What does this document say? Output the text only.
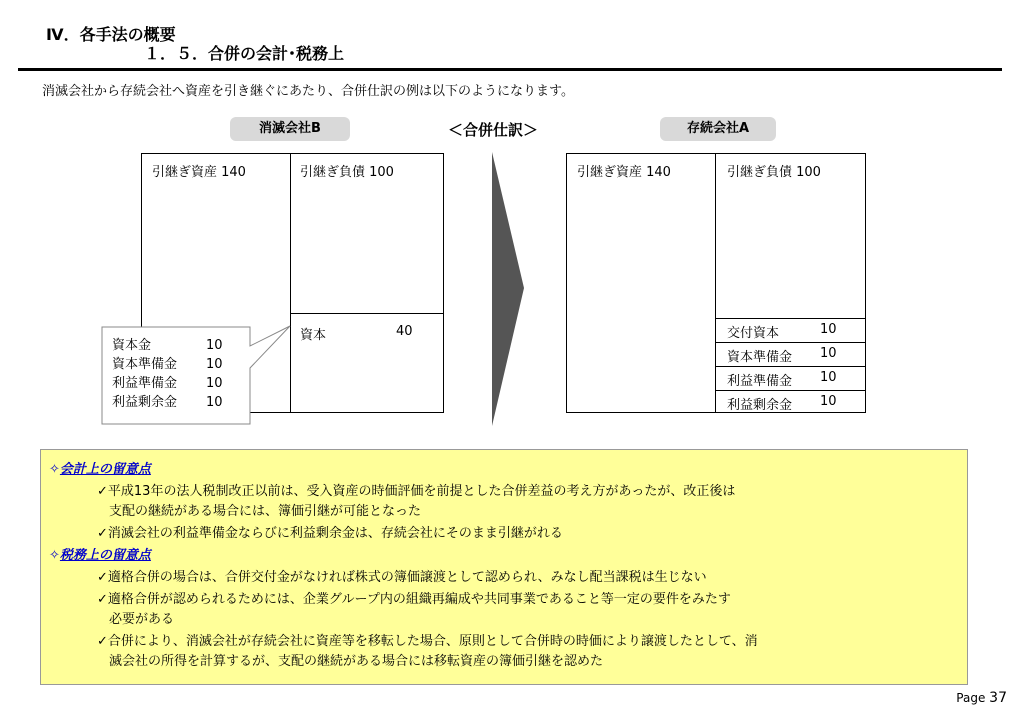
Ⅳ．各手法の概要
１．５．合併の会計･税務上
消滅会社から存続会社へ資産を引き継ぐにあたり、合併仕訳の例は以下のようになります。
消滅会社B	＜合併仕訳＞	存続会社A
引継ぎ資産 140	引継ぎ負債 100
資本	40
資本金	10
資本準備金	10
利益準備金	10
利益剰余金	10
引継ぎ資産 140	引継ぎ負債 100
交付資本	10
資本準備金 10
利益準備金 10
利益剰余金 10
✧会計上の留意点
✓平成13年の法人税制改正以前は、受入資産の時価評価を前提とした合併差益の考え方があったが、改正後は
支配の継続がある場合には、簿価引継が可能となった
✓消滅会社の利益準備金ならびに利益剰余金は、存続会社にそのまま引継がれる
✧税務上の留意点
✓適格合併の場合は、合併交付金がなければ株式の簿価譲渡として認められ、みなし配当課税は生じない
✓適格合併が認められるためには、企業グループ内の組織再編成や共同事業であること等一定の要件をみたす
必要がある
✓合併により、消滅会社が存続会社に資産等を移転した場合、原則として合併時の時価により譲渡したとして、消
滅会社の所得を計算するが、支配の継続がある場合には移転資産の簿価引継を認めた
Page 37
